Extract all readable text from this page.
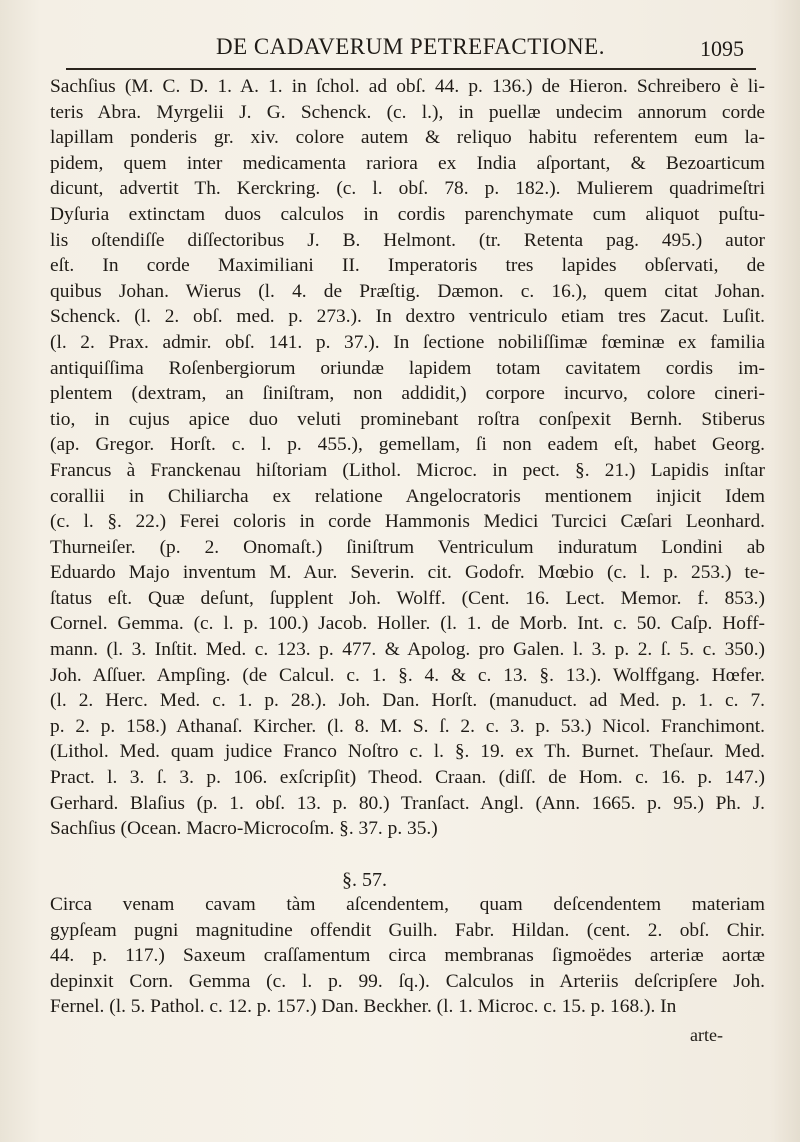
DE CADAVERUM PETREFACTIONE.	1095
Sachſius (M. C. D. 1. A. 1. in ſchol. ad obſ. 44. p. 136.) de Hieron. Schreibero è li-
teris Abra. Myrgelii J. G. Schenck. (c. l.), in puellæ undecim annorum corde
lapillam ponderis gr. xiv. colore autem & reliquo habitu referentem eum la-
pidem, quem inter medicamenta rariora ex India aſportant, & Bezoarticum
dicunt, advertit Th. Kerckring. (c. l. obſ. 78. p. 182.). Mulierem quadrimeſtri
Dyſuria extinctam duos calculos in cordis parenchymate cum aliquot puſtu-
lis oſtendiſſe diſſectoribus J. B. Helmont. (tr. Retenta pag. 495.) autor
eſt. In corde Maximiliani II. Imperatoris tres lapides obſervati, de
quibus Johan. Wierus (l. 4. de Præſtig. Dæmon. c. 16.), quem citat Johan.
Schenck. (l. 2. obſ. med. p. 273.). In dextro ventriculo etiam tres Zacut. Luſit.
(l. 2. Prax. admir. obſ. 141. p. 37.). In ſectione nobiliſſimæ fœminæ ex familia
antiquiſſima Roſenbergiorum oriundæ lapidem totam cavitatem cordis im-
plentem (dextram, an ſiniſtram, non addidit,) corpore incurvo, colore cineri-
tio, in cujus apice duo veluti prominebant roſtra conſpexit Bernh. Stiberus
(ap. Gregor. Horſt. c. l. p. 455.), gemellam, ſi non eadem eſt, habet Georg.
Francus à Franckenau hiſtoriam (Lithol. Microc. in pect. §. 21.) Lapidis inſtar
corallii in Chiliarcha ex relatione Angelocratoris mentionem injicit Idem
(c. l. §. 22.) Ferei coloris in corde Hammonis Medici Turcici Cæſari Leonhard.
Thurneiſer. (p. 2. Onomaſt.) ſiniſtrum Ventriculum induratum Londini ab
Eduardo Majo inventum M. Aur. Severin. cit. Godofr. Mœbio (c. l. p. 253.) te-
ſtatus eſt. Quæ deſunt, ſupplent Joh. Wolff. (Cent. 16. Lect. Memor. f. 853.)
Cornel. Gemma. (c. l. p. 100.) Jacob. Holler. (l. 1. de Morb. Int. c. 50. Caſp. Hoff-
mann. (l. 3. Inſtit. Med. c. 123. p. 477. & Apolog. pro Galen. l. 3. p. 2. ſ. 5. c. 350.)
Joh. Aſſuer. Ampſing. (de Calcul. c. 1. §. 4. & c. 13. §. 13.). Wolffgang. Hœfer.
(l. 2. Herc. Med. c. 1. p. 28.). Joh. Dan. Horſt. (manuduct. ad Med. p. 1. c. 7.
p. 2. p. 158.) Athanaſ. Kircher. (l. 8. M. S. ſ. 2. c. 3. p. 53.) Nicol. Franchimont.
(Lithol. Med. quam judice Franco Noſtro c. l. §. 19. ex Th. Burnet. Theſaur. Med.
Pract. l. 3. ſ. 3. p. 106. exſcripſit) Theod. Craan. (diſſ. de Hom. c. 16. p. 147.)
Gerhard. Blaſius (p. 1. obſ. 13. p. 80.) Tranſact. Angl. (Ann. 1665. p. 95.) Ph. J.
Sachſius (Ocean. Macro-Microcoſm. §. 37. p. 35.)
§. 57.
Circa venam cavam tàm aſcendentem, quam deſcendentem materiam
gypſeam pugni magnitudine offendit Guilh. Fabr. Hildan. (cent. 2. obſ. Chir.
44. p. 117.) Saxeum craſſamentum circa membranas ſigmoëdes arteriæ aortæ
depinxit Corn. Gemma (c. l. p. 99. ſq.). Calculos in Arteriis deſcripſere Joh.
Fernel. (l. 5. Pathol. c. 12. p. 157.) Dan. Beckher. (l. 1. Microc. c. 15. p. 168.). In
arte-
